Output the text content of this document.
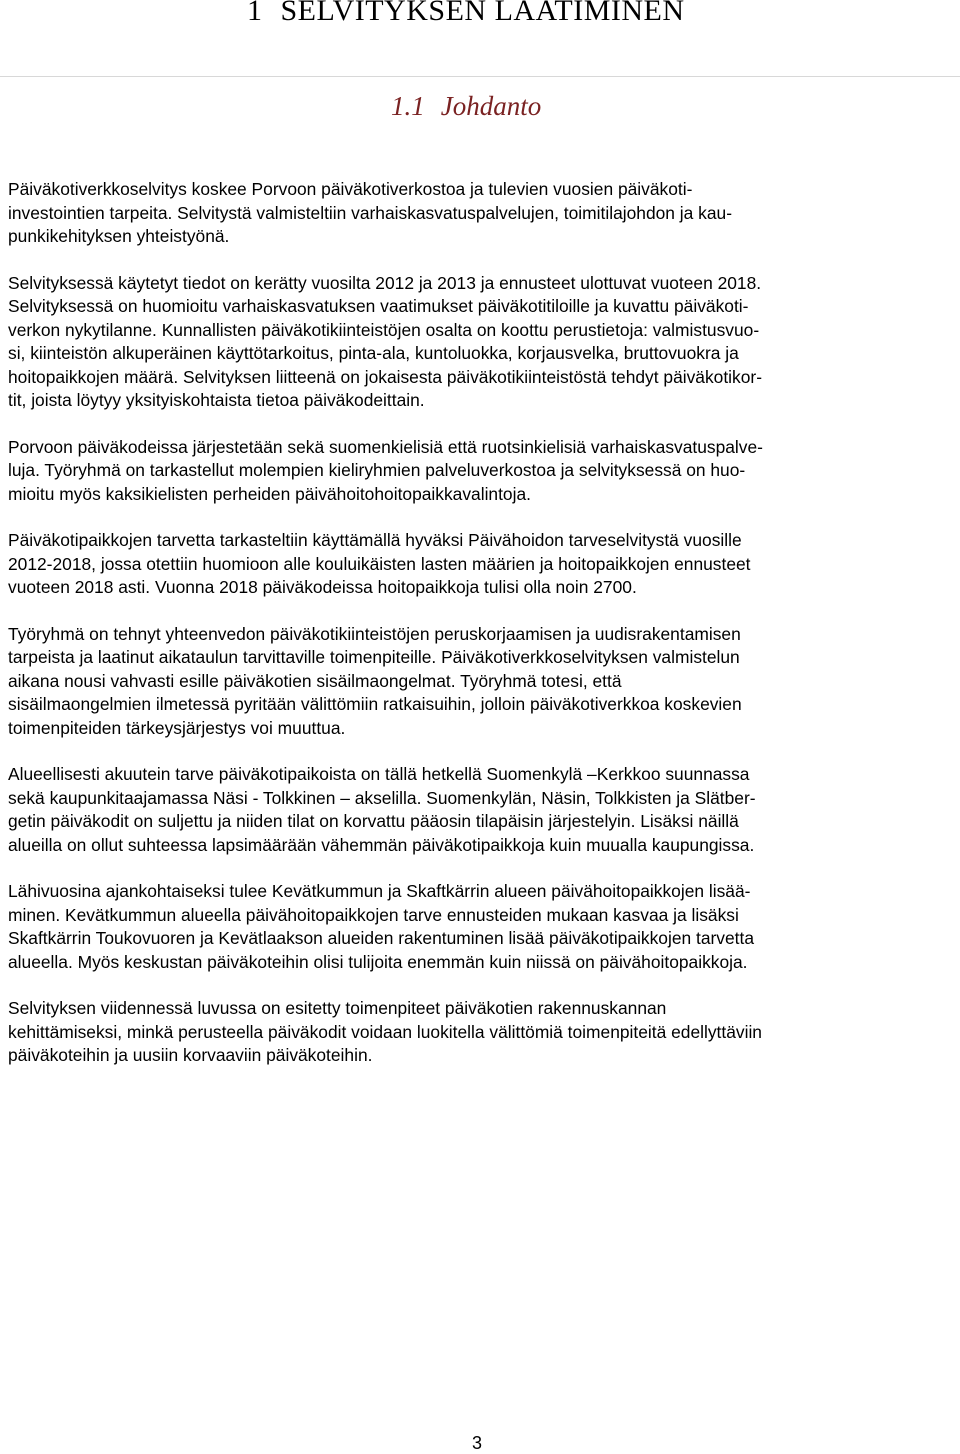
1 SELVITYKSEN LAATIMINEN
1.1 Johdanto

Päiväkotiverkkoselvitys koskee Porvoon päiväkotiverkostoa ja tulevien vuosien päiväkoti-
investointien tarpeita. Selvitystä valmisteltiin varhaiskasvatuspalvelujen, toimitilajohdon ja kau-
punkikehityksen yhteistyönä.

Selvityksessä käytetyt tiedot on kerätty vuosilta 2012 ja 2013 ja ennusteet ulottuvat vuoteen 2018.
Selvityksessä on huomioitu varhaiskasvatuksen vaatimukset päiväkotitiloille ja kuvattu päiväkoti-
verkon nykytilanne. Kunnallisten päiväkotikiinteistöjen osalta on koottu perustietoja: valmistusvuo-
si, kiinteistön alkuperäinen käyttötarkoitus, pinta-ala, kuntoluokka, korjausvelka, bruttovuokra ja
hoitopaikkojen määrä. Selvityksen liitteenä on jokaisesta päiväkotikiinteistöstä tehdyt päiväkotikor-
tit, joista löytyy yksityiskohtaista tietoa päiväkodeittain.

Porvoon päiväkodeissa järjestetään sekä suomenkielisiä että ruotsinkielisiä varhaiskasvatuspalve-
luja. Työryhmä on tarkastellut molempien kieliryhmien palveluverkostoa ja selvityksessä on huo-
mioitu myös kaksikielisten perheiden päivähoitohoitopaikkavalintoja.

Päiväkotipaikkojen tarvetta tarkasteltiin käyttämällä hyväksi Päivähoidon tarveselvitystä vuosille
2012-2018, jossa otettiin huomioon alle kouluikäisten lasten määrien ja hoitopaikkojen ennusteet
vuoteen 2018 asti. Vuonna 2018 päiväkodeissa hoitopaikkoja tulisi olla noin 2700.

Työryhmä on tehnyt yhteenvedon päiväkotikiinteistöjen peruskorjaamisen ja uudisrakentamisen
tarpeista ja laatinut aikataulun tarvittaville toimenpiteille. Päiväkotiverkkoselvityksen valmistelun
aikana nousi vahvasti esille päiväkotien sisäilmaongelmat. Työryhmä totesi, että
sisäilmaongelmien ilmetessä pyritään välittömiin ratkaisuihin, jolloin päiväkotiverkkoa koskevien
toimenpiteiden tärkeysjärjestys voi muuttua.

Alueellisesti akuutein tarve päiväkotipaikoista on tällä hetkellä Suomenkylä –Kerkkoo suunnassa
sekä kaupunkitaajamassa Näsi - Tolkkinen – akselilla. Suomenkylän, Näsin, Tolkkisten ja Slätber-
getin päiväkodit on suljettu ja niiden tilat on korvattu pääosin tilapäisin järjestelyin. Lisäksi näillä
alueilla on ollut suhteessa lapsimäärään vähemmän päiväkotipaikkoja kuin muualla kaupungissa.

Lähivuosina ajankohtaiseksi tulee Kevätkummun ja Skaftkärrin alueen päivähoitopaikkojen lisää-
minen. Kevätkummun alueella päivähoitopaikkojen tarve ennusteiden mukaan kasvaa ja lisäksi
Skaftkärrin Toukovuoren ja Kevätlaakson alueiden rakentuminen lisää päiväkotipaikkojen tarvetta
alueella. Myös keskustan päiväkoteihin olisi tulijoita enemmän kuin niissä on päivähoitopaikkoja.

Selvityksen viidennessä luvussa on esitetty toimenpiteet päiväkotien rakennuskannan
kehittämiseksi, minkä perusteella päiväkodit voidaan luokitella välittömiä toimenpiteitä edellyttäviin
päiväkoteihin ja uusiin korvaaviin päiväkoteihin.

3
